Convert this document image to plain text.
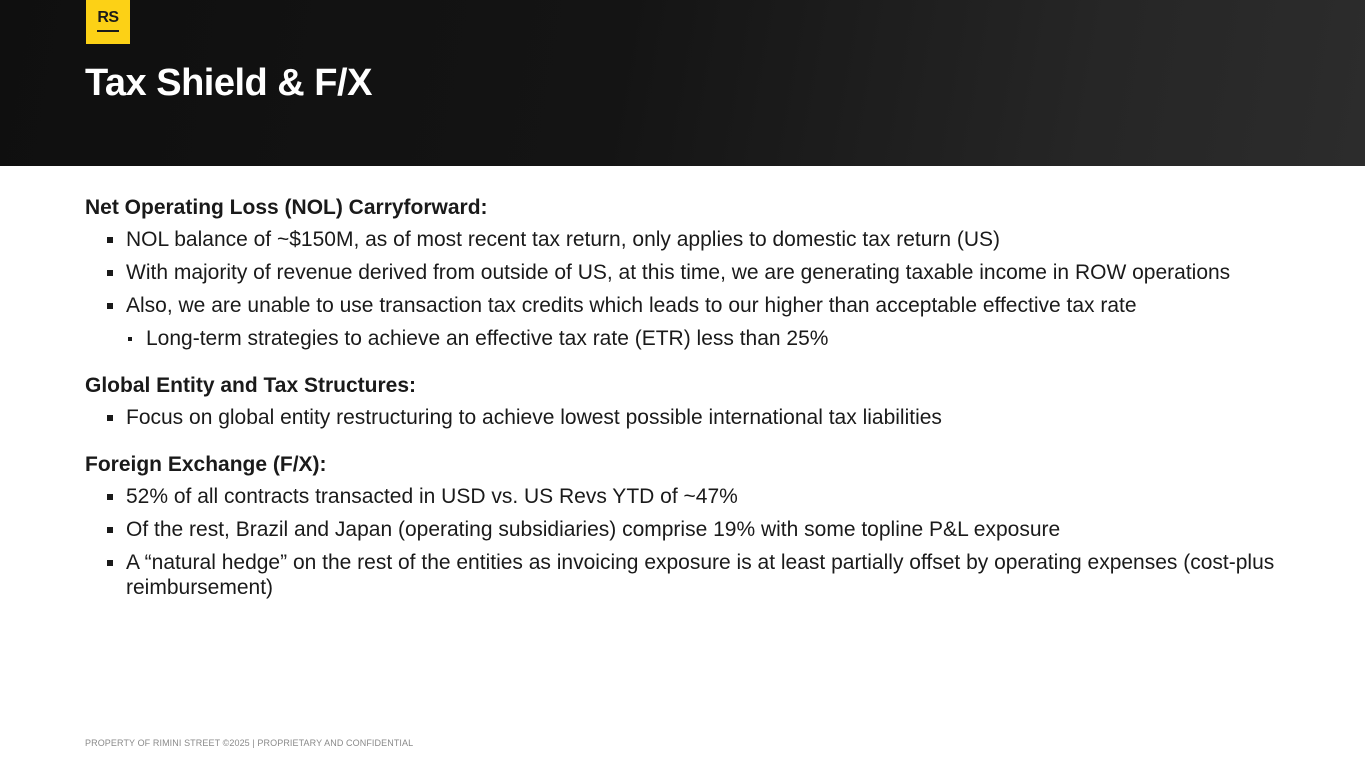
RS
Tax Shield & F/X
Net Operating Loss (NOL) Carryforward:
NOL balance of ~$150M, as of most recent tax return, only applies to domestic tax return (US)
With majority of revenue derived from outside of US, at this time, we are generating taxable income in ROW operations
Also, we are unable to use transaction tax credits which leads to our higher than acceptable effective tax rate
Long-term strategies to achieve an effective tax rate (ETR) less than 25%
Global Entity and Tax Structures:
Focus on global entity restructuring to achieve lowest possible international tax liabilities
Foreign Exchange (F/X):
52% of all contracts transacted in USD vs. US Revs YTD of ~47%
Of the rest, Brazil and Japan (operating subsidiaries) comprise 19% with some topline P&L exposure
A “natural hedge” on the rest of the entities as invoicing exposure is at least partially offset by operating expenses (cost-plus reimbursement)
PROPERTY OF RIMINI STREET ©2025 | PROPRIETARY AND CONFIDENTIAL
